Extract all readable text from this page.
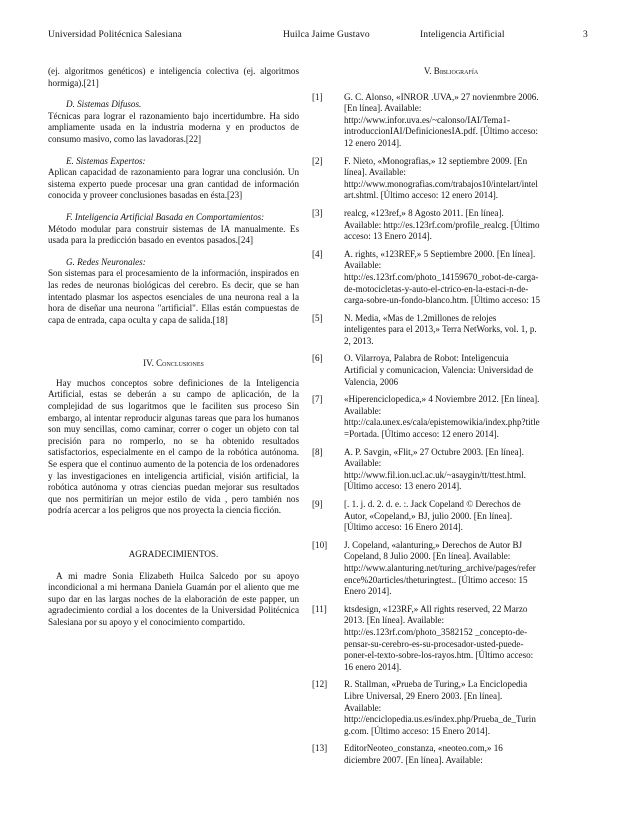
Universidad Politécnica Salesiana	Huilca Jaime Gustavo	Inteligencia Artificial	3

(ej. algoritmos genéticos) e inteligencia colectiva (ej. algoritmos hormiga).[21]

D. Sistemas Difusos.

Técnicas para lograr el razonamiento bajo incertidumbre. Ha sido ampliamente usada en la industria moderna y en productos de consumo masivo, como las lavadoras.[22]

E. Sistemas Expertos:

Aplican capacidad de razonamiento para lograr una conclusión. Un sistema experto puede procesar una gran cantidad de información conocida y proveer conclusiones basadas en ésta.[23]

F. Inteligencia Artificial Basada en Comportamientos:

Método modular para construir sistemas de IA manualmente. Es usada para la predicción basado en eventos pasados.[24]

G. Redes Neuronales:

Son sistemas para el procesamiento de la información, inspirados en las redes de neuronas biológicas del cerebro. Es decir, que se han intentado plasmar los aspectos esenciales de una neurona real a la hora de diseñar una neurona "artificial". Ellas están compuestas de capa de entrada, capa oculta y capa de salida.[18]

IV. Conclusiones

Hay muchos conceptos sobre definiciones de la Inteligencia Artificial, estas se deberán a su campo de aplicación, de la complejidad de sus logaritmos que le faciliten sus proceso Sin embargo, al intentar reproducir algunas tareas que para los humanos son muy sencillas, como caminar, correr o coger un objeto con tal precisión para no romperlo, no se ha obtenido resultados satisfactorios, especialmente en el campo de la robótica autónoma. Se espera que el continuo aumento de la potencia de los ordenadores y las investigaciones en inteligencia artificial, visión artificial, la robótica autónoma y otras ciencias puedan mejorar sus resultados que nos permitirían un mejor estilo de vida , pero también nos podría acercar a los peligros que nos proyecta la ciencia ficción.

AGRADECIMIENTOS.

A mi madre Sonia Elizabeth Huilca Salcedo por su apoyo incondicional a mi hermana Daniela Guamán por el aliento que me supo dar en las largas noches de la elaboración de este papper, un agradecimiento cordial a los docentes de la Universidad Politécnica Salesiana por su apoyo y el conocimiento compartido.

V. Bibliografía

[1]	G. C. Alonso, «INROR .UVA,» 27 novienmbre 2006.
[En línea]. Available:
http://www.infor.uva.es/~calonso/IAI/Tema1-
introduccionIAI/DefinicionesIA.pdf. [Último acceso:
12 enero 2014].
[2]	F. Nieto, «Monografias,» 12 septiembre 2009. [En
línea]. Available:
http://www.monografias.com/trabajos10/intelart/intel
art.shtml. [Último acceso: 12 enero 2014].
[3]	realcg, «123ref,» 8 Agosto 2011. [En línea].
Available: http://es.123rf.com/profile_realcg. [Último
acceso: 13 Enero 2014].
[4]	A. rights, «123REF,» 5 Septiembre 2000. [En línea].
Available:
http://es.123rf.com/photo_14159670_robot-de-carga-
de-motocicletas-y-auto-el-ctrico-en-la-estaci-n-de-
carga-sobre-un-fondo-blanco.htm. [Último acceso: 15
[5]	N. Media, «Mas de 1.2millones de relojes
inteligentes para el 2013,» Terra NetWorks, vol. 1, p.
2, 2013.
[6]	O. Vilarroya, Palabra de Robot: Inteligencuia
Artificial y comunicacion, Valencia: Universidad de
Valencia, 2006
[7]	«Hiperenciclopedica,» 4 Noviembre 2012. [En línea].
Available:
http://cala.unex.es/cala/epistemowikia/index.php?title
=Portada. [Último acceso: 12 enero 2014].
[8]	A. P. Savgin, «Flit,» 27 Octubre 2003. [En línea].
Available:
http://www.fil.ion.ucl.ac.uk/~asaygin/tt/ttest.html.
[Último acceso: 13 enero 2014].
[9]	[. 1. j. d. 2. d. e. :. Jack Copeland © Derechos de
Autor, «Copeland,» BJ, julio 2000. [En línea].
[Último acceso: 16 Enero 2014].
[10]	J. Copeland, «alanturing,» Derechos de Autor BJ
Copeland, 8 Julio 2000. [En línea]. Available:
http://www.alanturing.net/turing_archive/pages/refer
ence%20articles/theturingtest.. [Último acceso: 15
Enero 2014].
[11]	ktsdesign, «123RF,» All rights reserved, 22 Marzo
2013. [En línea]. Available:
http://es.123rf.com/photo_3582152 _concepto-de-
pensar-su-cerebro-es-su-procesador-usted-puede-
poner-el-texto-sobre-los-rayos.htm. [Último acceso:
16 enero 2014].
[12]	R. Stallman, «Prueba de Turing,» La Enciclopedia
Libre Universal, 29 Enero 2003. [En línea].
Available:
http://enciclopedia.us.es/index.php/Prueba_de_Turin
g.com. [Último acceso: 15 Enero 2014].
[13]	EditorNeoteo_constanza, «neoteo.com,» 16
diciembre 2007. [En línea]. Available:
